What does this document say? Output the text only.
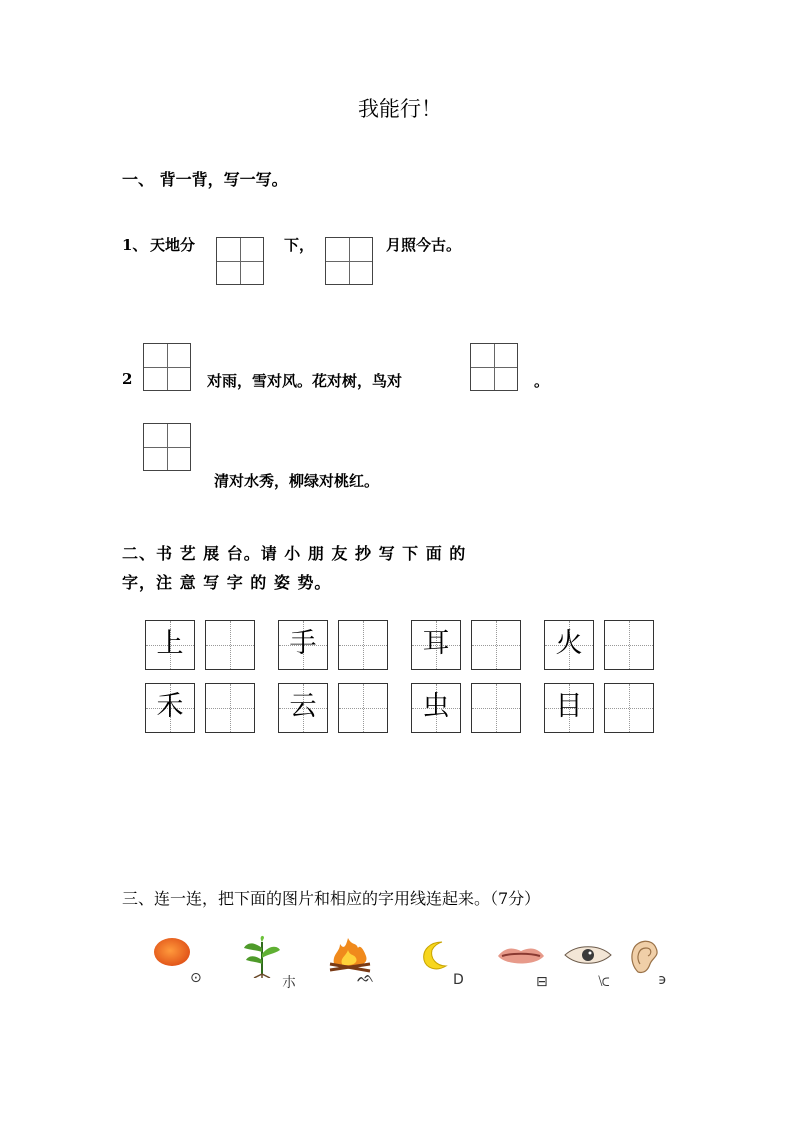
我能行！
一、 背一背，写一写。
1、 天地分	下，	月照今古。
2	对雨，雪对风。花对树，鸟对	。
清对水秀，柳绿对桃红。
二、书 艺 展 台。请 小 朋 友 抄 写 下 面 的
字，注 意 写 字 的 姿 势。
上	手	耳	火
禾	云	虫	目
三、连一连，把下面的图片和相应的字用线连起来。（7分）
⊙	朩	ᨒ	D	⊟	⟈	϶
